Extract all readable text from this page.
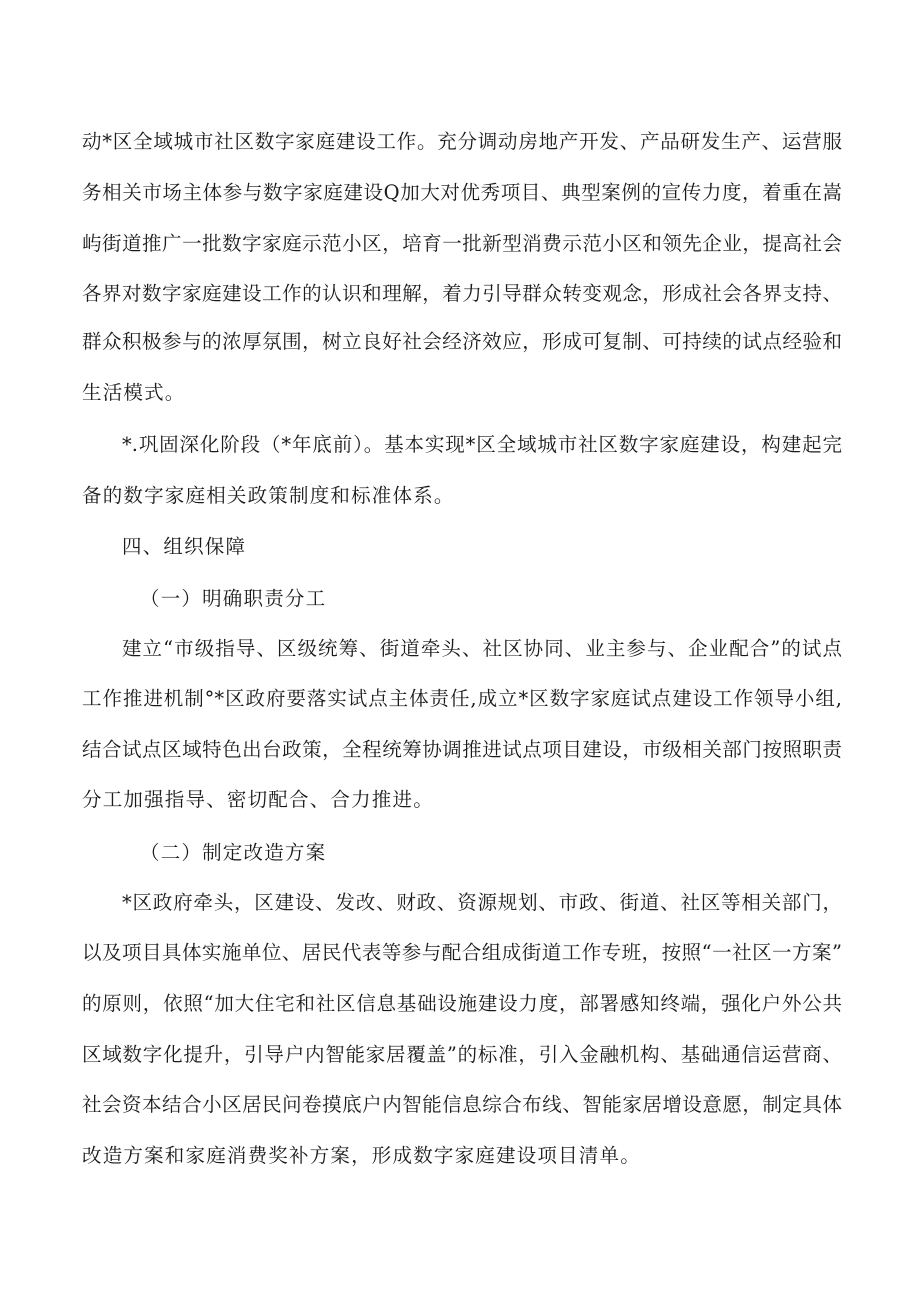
动*区全域城市社区数字家庭建设工作。充分调动房地产开发、产品研发生产、运营服
务相关市场主体参与数字家庭建设Q加大对优秀项目、典型案例的宣传力度，着重在嵩
屿街道推广一批数字家庭示范小区，培育一批新型消费示范小区和领先企业，提高社会
各界对数字家庭建设工作的认识和理解，着力引导群众转变观念，形成社会各界支持、
群众积极参与的浓厚氛围，树立良好社会经济效应，形成可复制、可持续的试点经验和
生活模式。
*.巩固深化阶段（*年底前）。基本实现*区全域城市社区数字家庭建设，构建起完
备的数字家庭相关政策制度和标准体系。
四、组织保障
（一）明确职责分工
建立“市级指导、区级统筹、街道牵头、社区协同、业主参与、企业配合”的试点
工作推进机制°*区政府要落实试点主体责任,成立*区数字家庭试点建设工作领导小组,
结合试点区域特色出台政策，全程统筹协调推进试点项目建设，市级相关部门按照职责
分工加强指导、密切配合、合力推进。
（二）制定改造方案
*区政府牵头，区建设、发改、财政、资源规划、市政、街道、社区等相关部门，
以及项目具体实施单位、居民代表等参与配合组成街道工作专班，按照“一社区一方案”
的原则，依照“加大住宅和社区信息基础设施建设力度，部署感知终端，强化户外公共
区域数字化提升，引导户内智能家居覆盖”的标准，引入金融机构、基础通信运营商、
社会资本结合小区居民问卷摸底户内智能信息综合布线、智能家居增设意愿，制定具体
改造方案和家庭消费奖补方案，形成数字家庭建设项目清单。
